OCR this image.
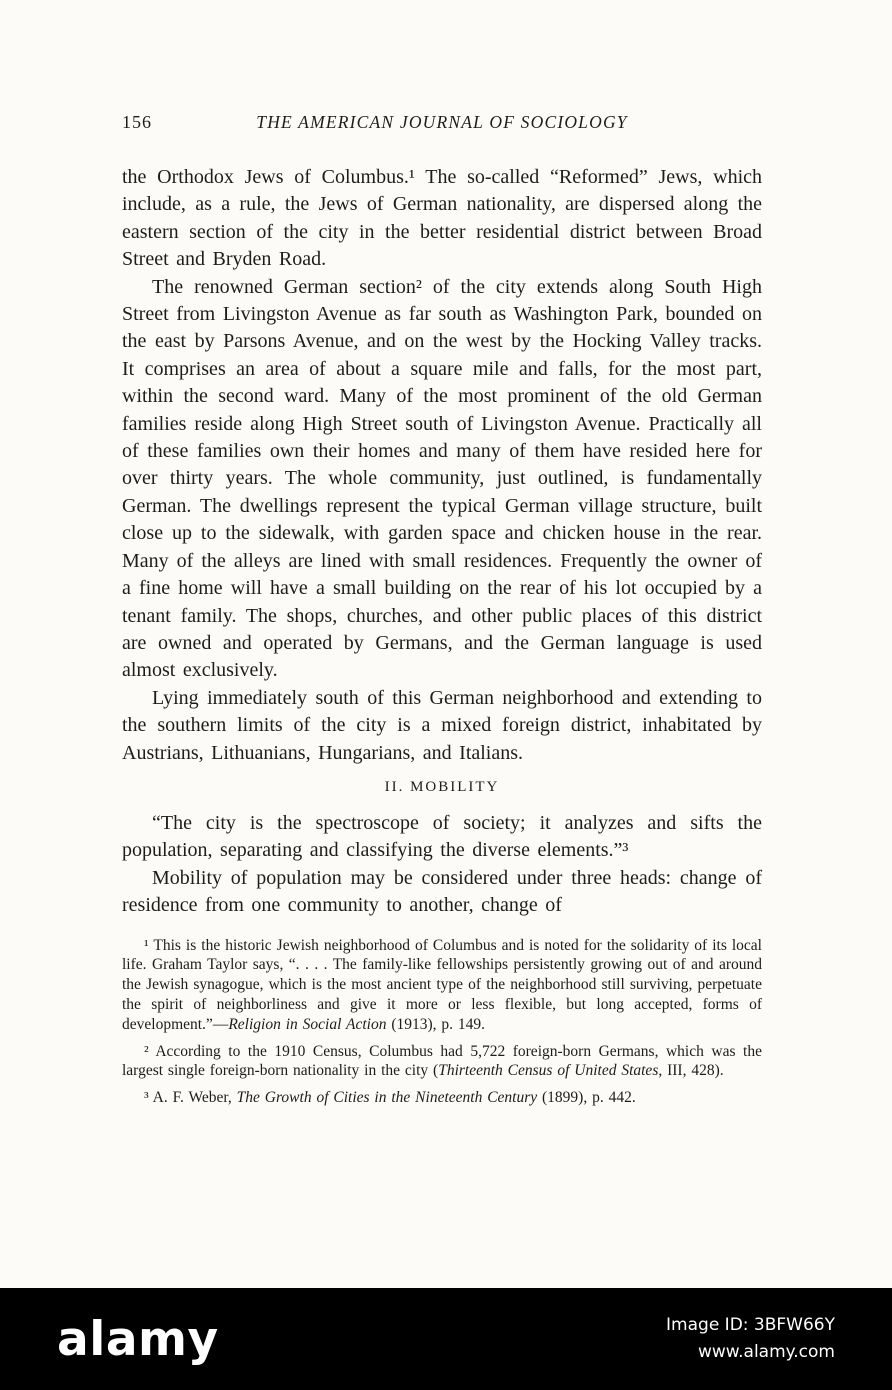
156	THE AMERICAN JOURNAL OF SOCIOLOGY

the Orthodox Jews of Columbus.¹ The so-called “Reformed” Jews, which include, as a rule, the Jews of German nationality, are dispersed along the eastern section of the city in the better residential district between Broad Street and Bryden Road.

The renowned German section² of the city extends along South High Street from Livingston Avenue as far south as Washington Park, bounded on the east by Parsons Avenue, and on the west by the Hocking Valley tracks. It comprises an area of about a square mile and falls, for the most part, within the second ward. Many of the most prominent of the old German families reside along High Street south of Livingston Avenue. Practically all of these families own their homes and many of them have resided here for over thirty years. The whole community, just outlined, is fundamentally German. The dwellings represent the typical German village structure, built close up to the sidewalk, with garden space and chicken house in the rear. Many of the alleys are lined with small residences. Frequently the owner of a fine home will have a small building on the rear of his lot occupied by a tenant family. The shops, churches, and other public places of this district are owned and operated by Germans, and the German language is used almost exclusively.

Lying immediately south of this German neighborhood and extending to the southern limits of the city is a mixed foreign district, inhabitated by Austrians, Lithuanians, Hungarians, and Italians.

II. MOBILITY

“The city is the spectroscope of society; it analyzes and sifts the population, separating and classifying the diverse elements.”³

Mobility of population may be considered under three heads: change of residence from one community to another, change of

¹ This is the historic Jewish neighborhood of Columbus and is noted for the solidarity of its local life. Graham Taylor says, “. . . . The family-like fellowships persistently growing out of and around the Jewish synagogue, which is the most ancient type of the neighborhood still surviving, perpetuate the spirit of neighborliness and give it more or less flexible, but long accepted, forms of development.”—Religion in Social Action (1913), p. 149.

² According to the 1910 Census, Columbus had 5,722 foreign-born Germans, which was the largest single foreign-born nationality in the city (Thirteenth Census of United States, III, 428).

³ A. F. Weber, The Growth of Cities in the Nineteenth Century (1899), p. 442.

alamy	Image ID: 3BFW66Y
www.alamy.com
